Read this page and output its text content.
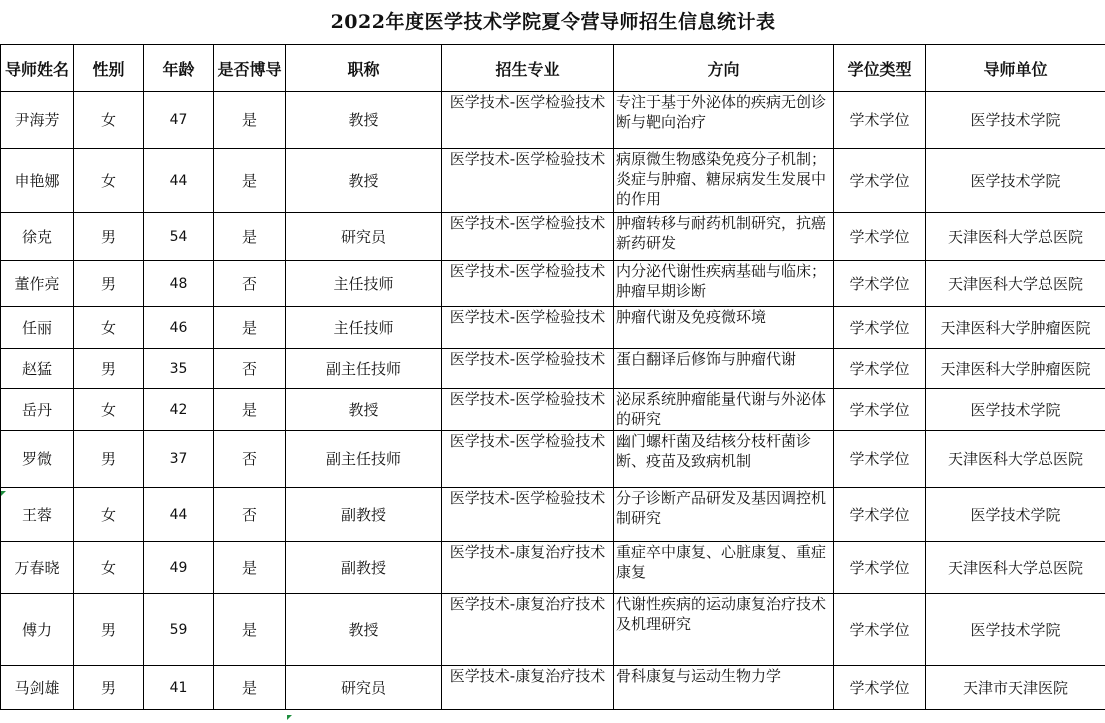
2022年度医学技术学院夏令营导师招生信息统计表								
导师姓名	性别	年龄	是否博导	职称	招生专业	方向	学位类型	导师单位
尹海芳	女	47	是	教授	医学技术-医学检验技术	专注于基于外泌体的疾病无创诊断与靶向治疗	学术学位	医学技术学院
申艳娜	女	44	是	教授	医学技术-医学检验技术	病原微生物感染免疫分子机制；炎症与肿瘤、糖尿病发生发展中的作用	学术学位	医学技术学院
徐克	男	54	是	研究员	医学技术-医学检验技术	肿瘤转移与耐药机制研究，抗癌新药研发	学术学位	天津医科大学总医院
董作亮	男	48	否	主任技师	医学技术-医学检验技术	内分泌代谢性疾病基础与临床；肿瘤早期诊断	学术学位	天津医科大学总医院
任丽	女	46	是	主任技师	医学技术-医学检验技术	肿瘤代谢及免疫微环境	学术学位	天津医科大学肿瘤医院
赵猛	男	35	否	副主任技师	医学技术-医学检验技术	蛋白翻译后修饰与肿瘤代谢	学术学位	天津医科大学肿瘤医院
岳丹	女	42	是	教授	医学技术-医学检验技术	泌尿系统肿瘤能量代谢与外泌体的研究	学术学位	医学技术学院
罗微	男	37	否	副主任技师	医学技术-医学检验技术	幽门螺杆菌及结核分枝杆菌诊断、疫苗及致病机制	学术学位	天津医科大学总医院
王蓉	女	44	否	副教授	医学技术-医学检验技术	分子诊断产品研发及基因调控机制研究	学术学位	医学技术学院
万春晓	女	49	是	副教授	医学技术-康复治疗技术	重症卒中康复、心脏康复、重症康复	学术学位	天津医科大学总医院
傅力	男	59	是	教授	医学技术-康复治疗技术	代谢性疾病的运动康复治疗技术及机理研究	学术学位	医学技术学院
马剑雄	男	41	是	研究员	医学技术-康复治疗技术	骨科康复与运动生物力学	学术学位	天津市天津医院
